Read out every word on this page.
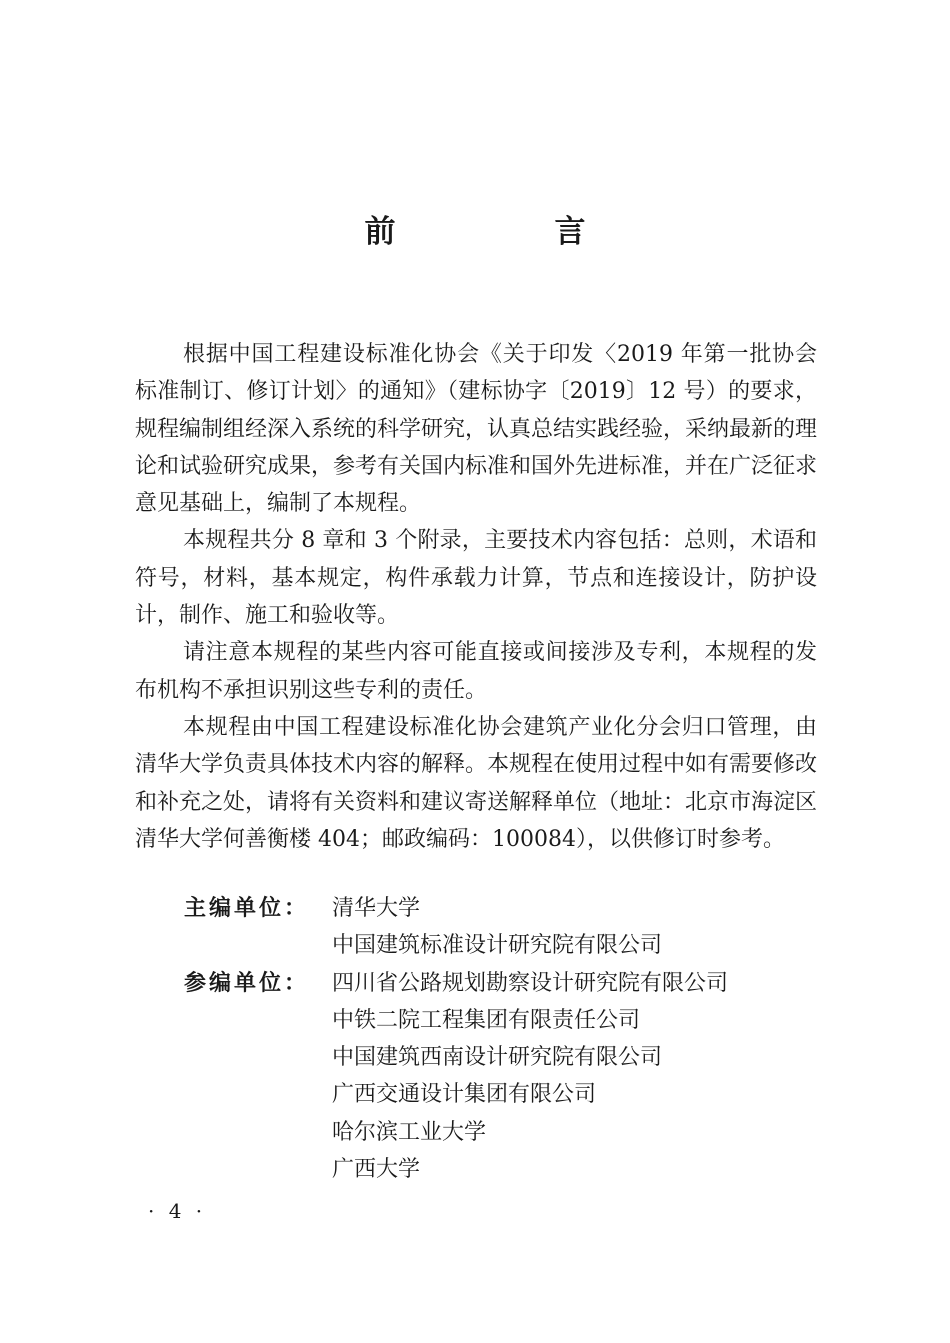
前　言

根据中国工程建设标准化协会《关于印发〈2019 年第一批协会标准制订、修订计划〉的通知》（建标协字〔2019〕12 号）的要求，规程编制组经深入系统的科学研究，认真总结实践经验，采纳最新的理论和试验研究成果，参考有关国内标准和国外先进标准，并在广泛征求意见基础上，编制了本规程。

本规程共分 8 章和 3 个附录，主要技术内容包括：总则，术语和符号，材料，基本规定，构件承载力计算，节点和连接设计，防护设计，制作、施工和验收等。

请注意本规程的某些内容可能直接或间接涉及专利，本规程的发布机构不承担识别这些专利的责任。

本规程由中国工程建设标准化协会建筑产业化分会归口管理，由清华大学负责具体技术内容的解释。本规程在使用过程中如有需要修改和补充之处，请将有关资料和建议寄送解释单位（地址：北京市海淀区清华大学何善衡楼 404；邮政编码：100084），以供修订时参考。

主编单位：	清华大学
中国建筑标准设计研究院有限公司
参编单位：	四川省公路规划勘察设计研究院有限公司
中铁二院工程集团有限责任公司
中国建筑西南设计研究院有限公司
广西交通设计集团有限公司
哈尔滨工业大学
广西大学
· 4 ·
